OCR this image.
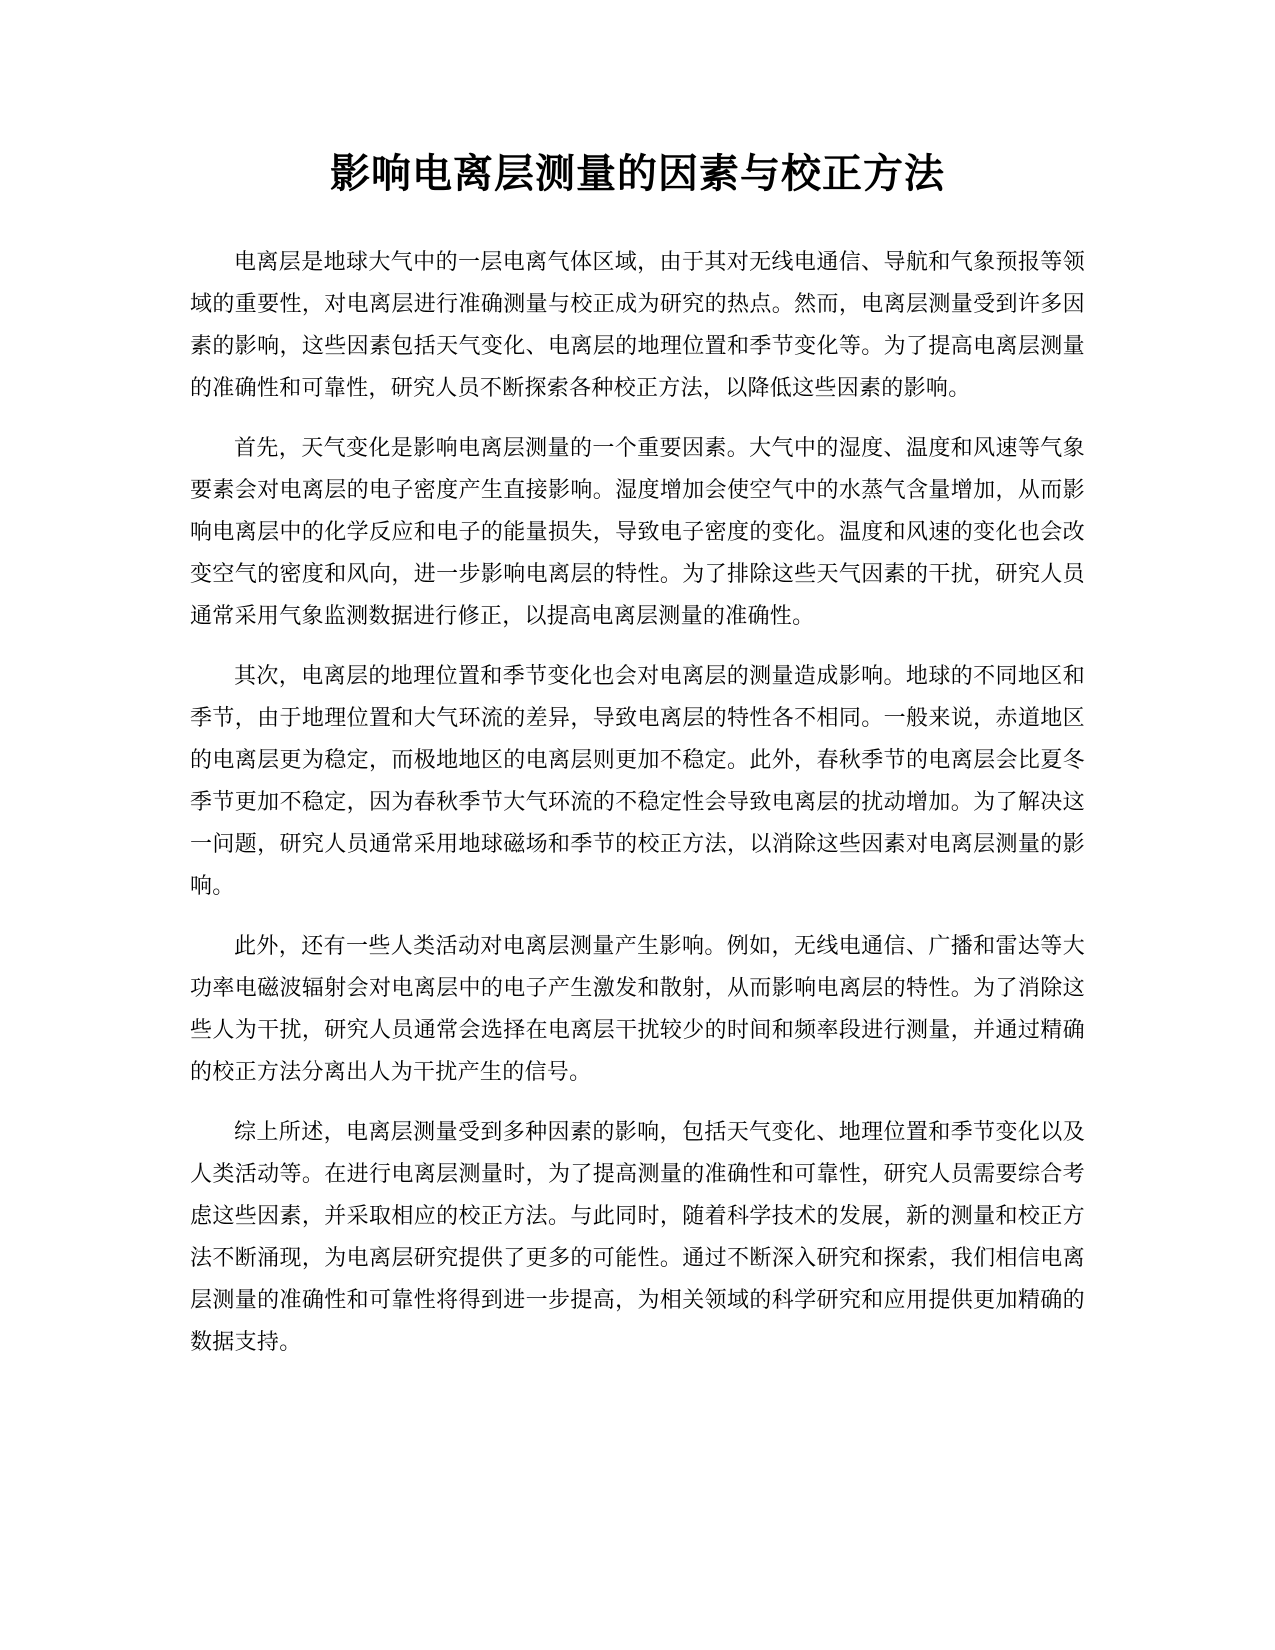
影响电离层测量的因素与校正方法

电离层是地球大气中的一层电离气体区域，由于其对无线电通信、导航和气象预报等领域的重要性，对电离层进行准确测量与校正成为研究的热点。然而，电离层测量受到许多因素的影响，这些因素包括天气变化、电离层的地理位置和季节变化等。为了提高电离层测量的准确性和可靠性，研究人员不断探索各种校正方法，以降低这些因素的影响。

首先，天气变化是影响电离层测量的一个重要因素。大气中的湿度、温度和风速等气象要素会对电离层的电子密度产生直接影响。湿度增加会使空气中的水蒸气含量增加，从而影响电离层中的化学反应和电子的能量损失，导致电子密度的变化。温度和风速的变化也会改变空气的密度和风向，进一步影响电离层的特性。为了排除这些天气因素的干扰，研究人员通常采用气象监测数据进行修正，以提高电离层测量的准确性。

其次，电离层的地理位置和季节变化也会对电离层的测量造成影响。地球的不同地区和季节，由于地理位置和大气环流的差异，导致电离层的特性各不相同。一般来说，赤道地区的电离层更为稳定，而极地地区的电离层则更加不稳定。此外，春秋季节的电离层会比夏冬季节更加不稳定，因为春秋季节大气环流的不稳定性会导致电离层的扰动增加。为了解决这一问题，研究人员通常采用地球磁场和季节的校正方法，以消除这些因素对电离层测量的影响。

此外，还有一些人类活动对电离层测量产生影响。例如，无线电通信、广播和雷达等大功率电磁波辐射会对电离层中的电子产生激发和散射，从而影响电离层的特性。为了消除这些人为干扰，研究人员通常会选择在电离层干扰较少的时间和频率段进行测量，并通过精确的校正方法分离出人为干扰产生的信号。

综上所述，电离层测量受到多种因素的影响，包括天气变化、地理位置和季节变化以及人类活动等。在进行电离层测量时，为了提高测量的准确性和可靠性，研究人员需要综合考虑这些因素，并采取相应的校正方法。与此同时，随着科学技术的发展，新的测量和校正方法不断涌现，为电离层研究提供了更多的可能性。通过不断深入研究和探索，我们相信电离层测量的准确性和可靠性将得到进一步提高，为相关领域的科学研究和应用提供更加精确的数据支持。
